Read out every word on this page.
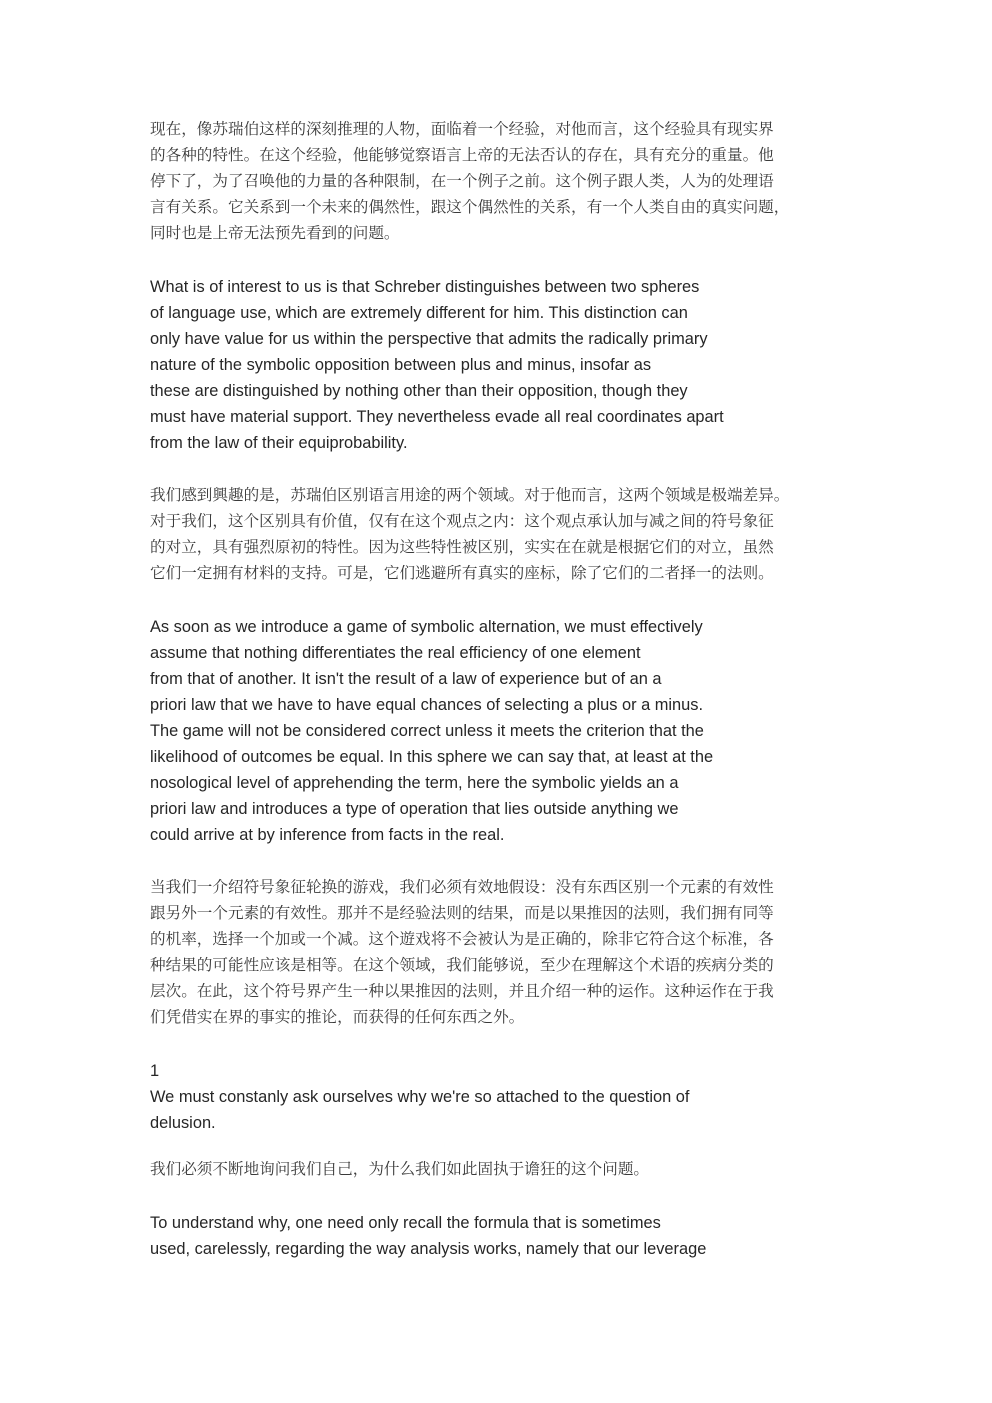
现在，像苏瑞伯这样的深刻推理的人物，面临着一个经验，对他而言，这个经验具有现实界
的各种的特性。在这个经验，他能够觉察语言上帝的无法否认的存在，具有充分的重量。他
停下了，为了召唤他的力量的各种限制，在一个例子之前。这个例子跟人类，人为的处理语
言有关系。它关系到一个未来的偶然性，跟这个偶然性的关系，有一个人类自由的真实问题，
同时也是上帝无法预先看到的问题。

What is of interest to us is that Schreber distinguishes between two spheres
of language use, which are extremely different for him. This distinction can
only have value for us within the perspective that admits the radically primary
nature of the symbolic opposition between plus and minus, insofar as
these are distinguished by nothing other than their opposition, though they
must have material support. They nevertheless evade all real coordinates apart
from the law of their equiprobability.

我们感到興趣的是，苏瑞伯区别语言用途的两个领域。对于他而言，这两个领域是极端差异。
对于我们，这个区别具有价值，仅有在这个观点之内：这个观点承认加与减之间的符号象征
的对立，具有强烈原初的特性。因为这些特性被区别，实实在在就是根据它们的对立，虽然
它们一定拥有材料的支持。可是，它们逃避所有真实的座标，除了它们的二者择一的法则。

As soon as we introduce a game of symbolic alternation, we must effectively
assume that nothing differentiates the real efficiency of one element
from that of another. It isn't the result of a law of experience but of an a
priori law that we have to have equal chances of selecting a plus or a minus.
The game will not be considered correct unless it meets the criterion that the
likelihood of outcomes be equal. In this sphere we can say that, at least at the
nosological level of apprehending the term, here the symbolic yields an a
priori law and introduces a type of operation that lies outside anything we
could arrive at by inference from facts in the real.

当我们一介绍符号象征轮换的游戏，我们必须有效地假设：没有东西区别一个元素的有效性
跟另外一个元素的有效性。那并不是经验法则的结果，而是以果推因的法则，我们拥有同等
的机率，选择一个加或一个减。这个遊戏将不会被认为是正确的，除非它符合这个标准，各
种结果的可能性应该是相等。在这个领域，我们能够说，至少在理解这个术语的疾病分类的
层次。在此，这个符号界产生一种以果推因的法则，并且介绍一种的运作。这种运作在于我
们凭借实在界的事实的推论，而获得的任何东西之外。

1
We must constanly ask ourselves why we're so attached to the question of
delusion.

我们必须不断地询问我们自己，为什么我们如此固执于谵狂的这个问题。

To understand why, one need only recall the formula that is sometimes
used, carelessly, regarding the way analysis works, namely that our leverage
